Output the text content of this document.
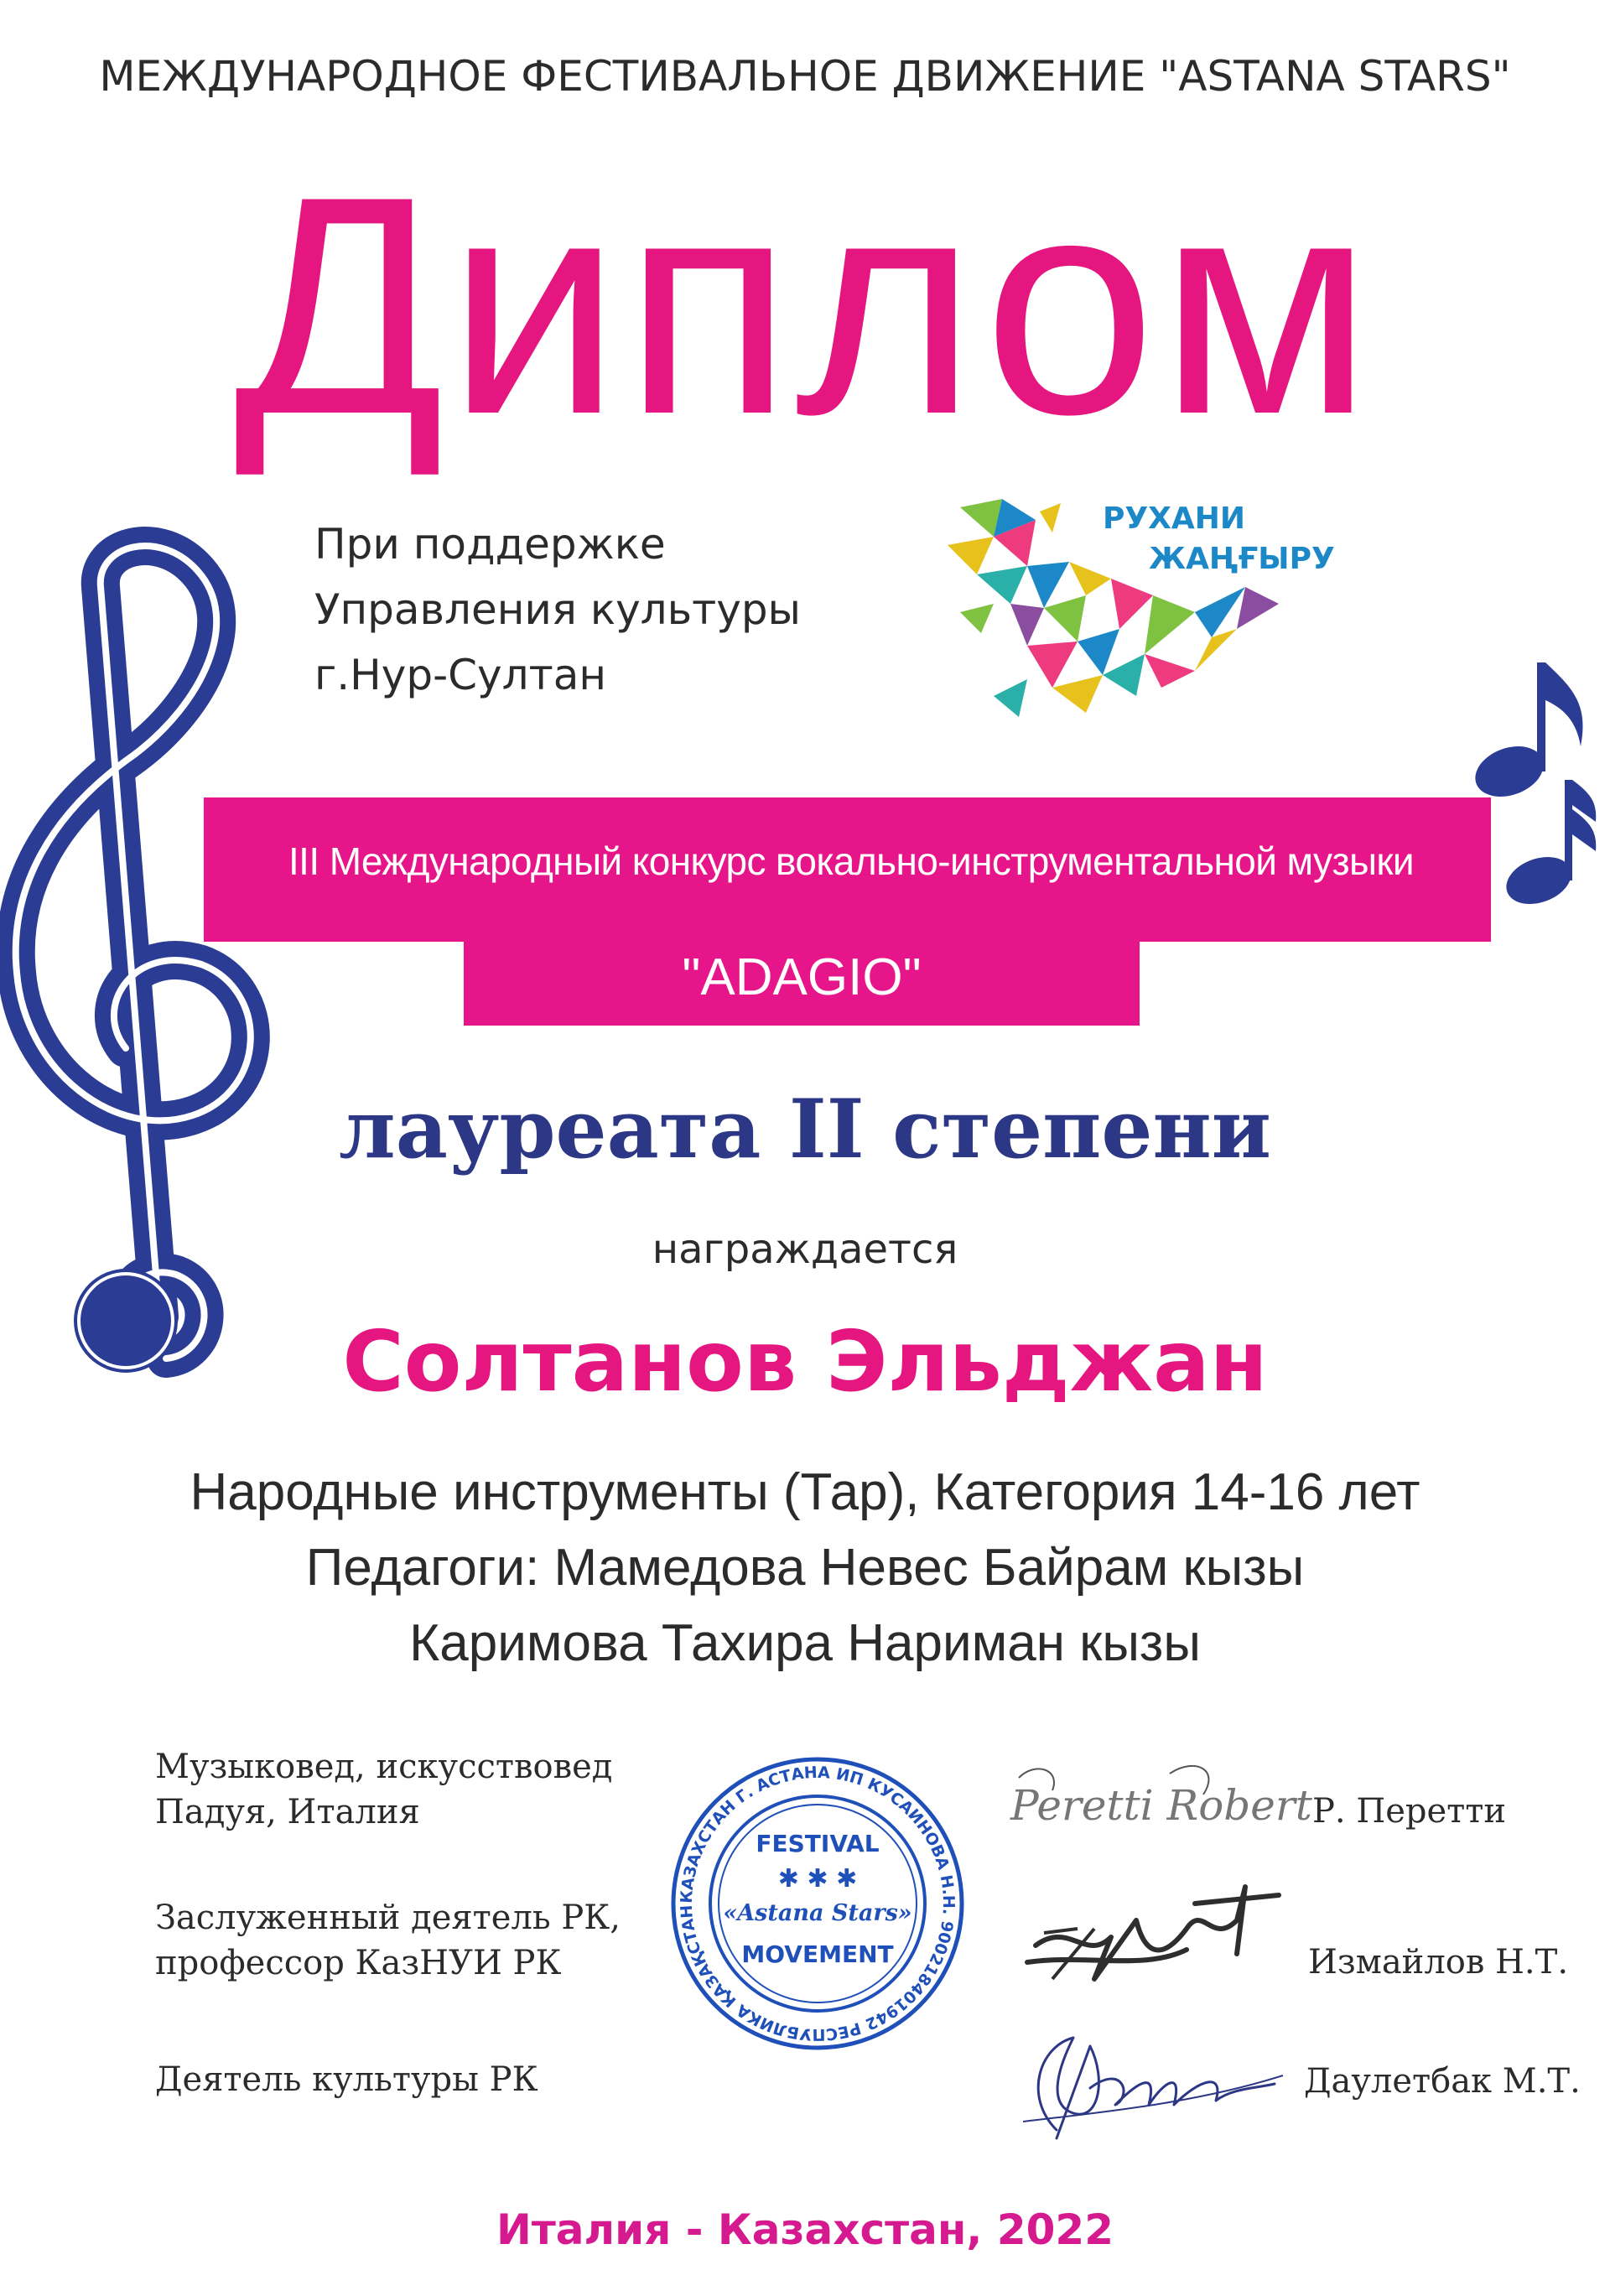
МЕЖДУНАРОДНОЕ ФЕСТИВАЛЬНОЕ ДВИЖЕНИЕ "ASTANA STARS"
Диплом
При поддержке
Управления культуры
г.Нур-Султан
РУХАНИ
ЖАҢҒЫРУ
III Международный конкурс вокально-инструментальной музыки
"ADAGIO"
лауреата II степени
награждается
Солтанов Эльджан
Народные инструменты (Тар), Категория 14-16 лет
Педагоги: Мамедова Невес Байрам кызы
Каримова Тахира Нариман кызы
Музыковед, искусствовед
Падуя, Италия
Заслуженный деятель РК,
профессор КазНУИ РК
Деятель культуры РК
Р. Перетти
Измайлов Н.Т.
Даулетбак М.Т.
КАЗАХСТАН Г. АСТАНА ИП КУСАИНОВА Н.Н. 900218401942 РЕСПУБЛИКА ҚАЗАҚСТАН АСТАНА ҚАЛАСЫ ЖЕКЕ КӘСІПКЕР
FESTIVAL
✱ ✱ ✱
«Astana Stars»
MOVEMENT
Peretti Robert
Италия - Казахстан, 2022
